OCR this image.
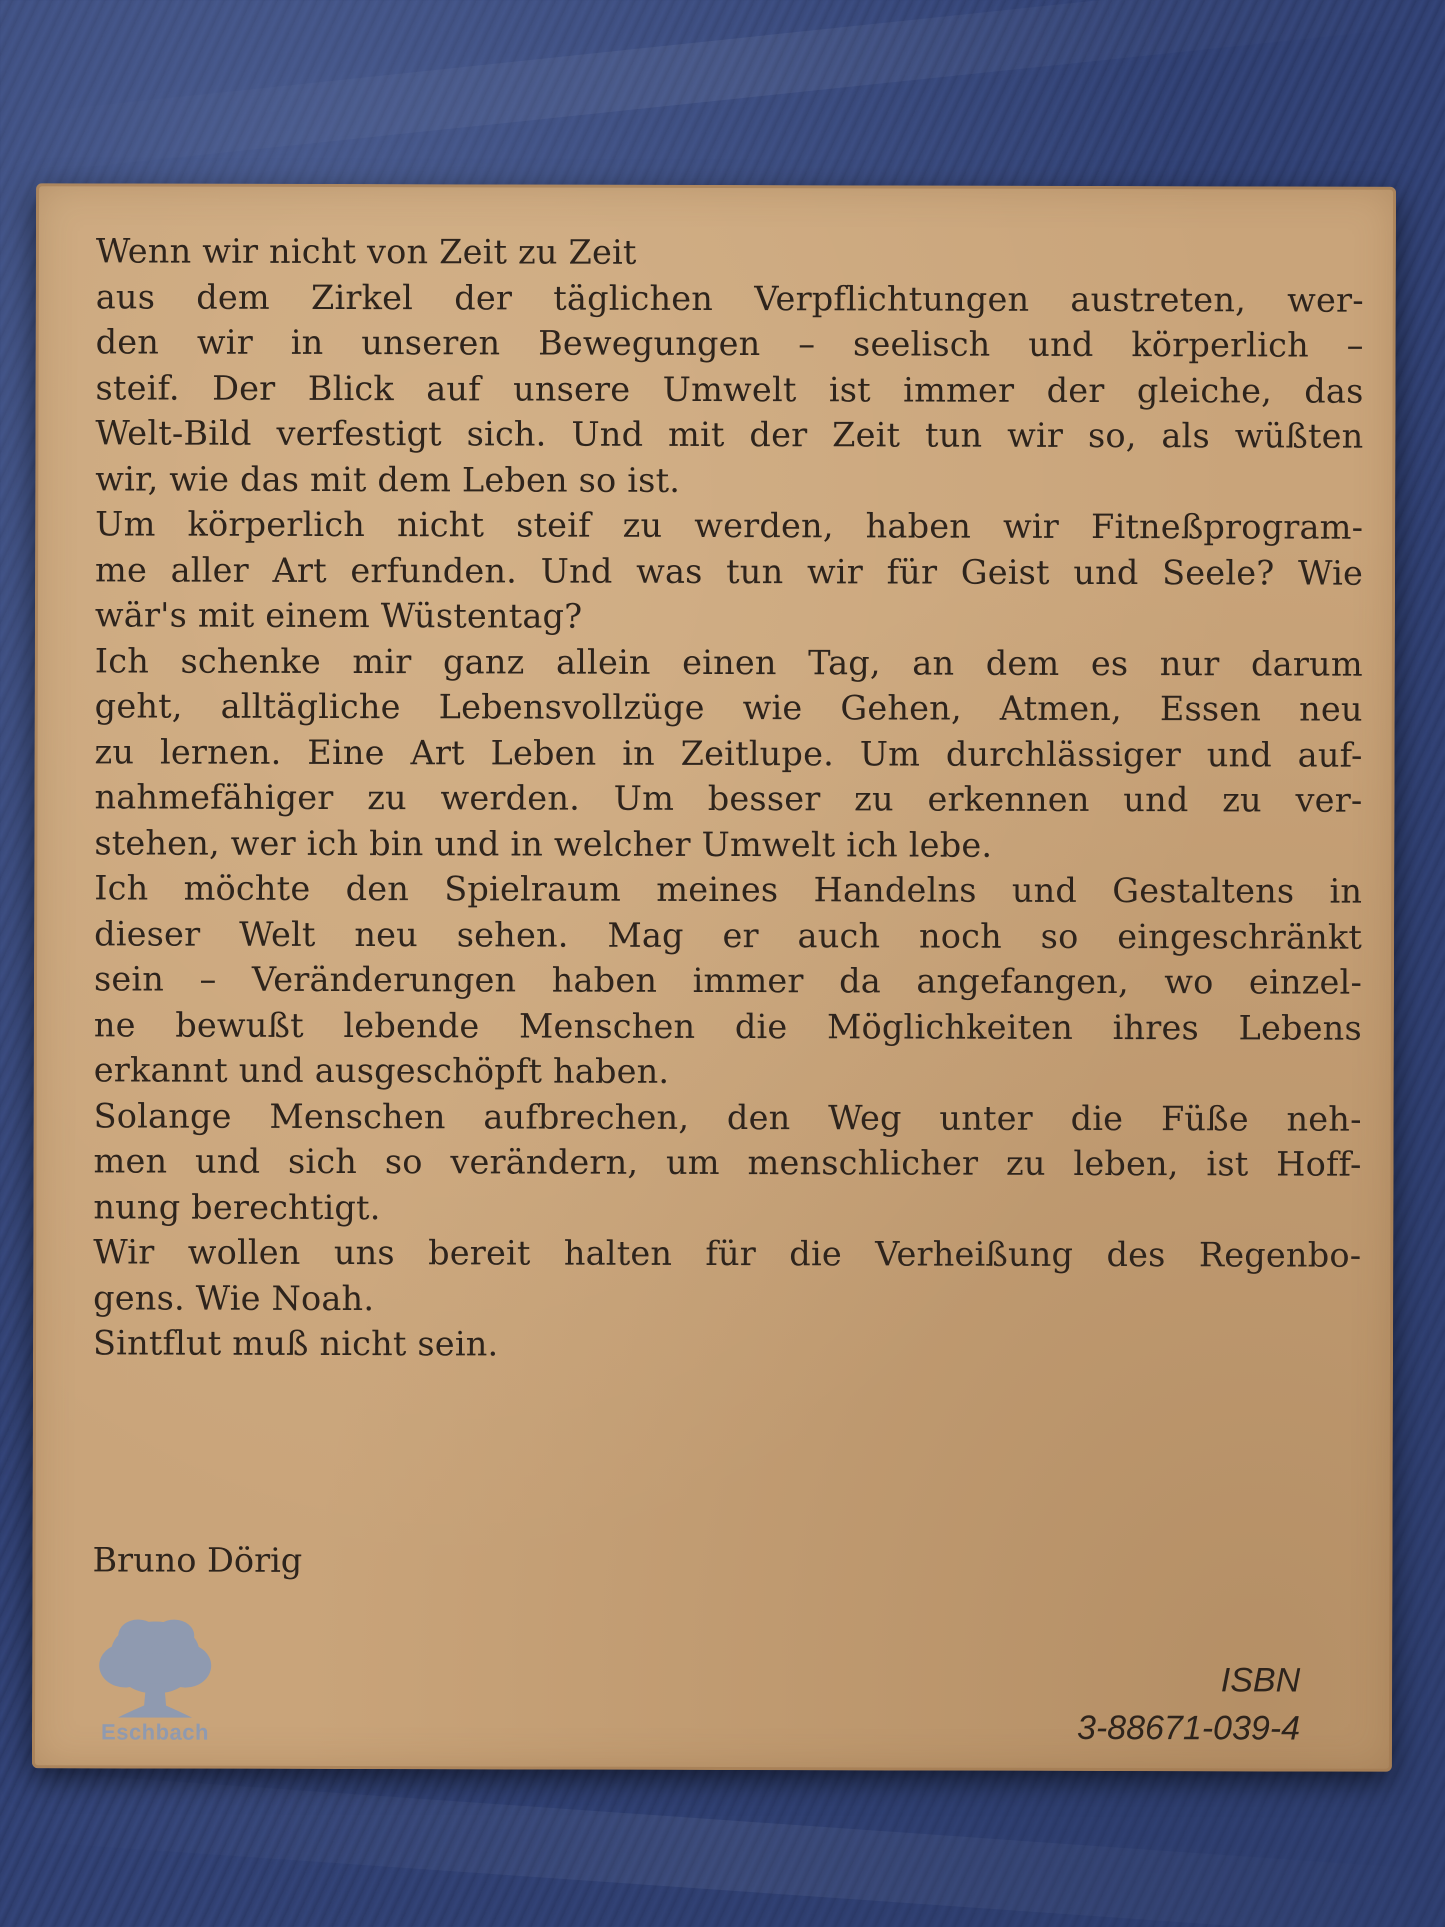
Wenn wir nicht von Zeit zu Zeit
aus dem Zirkel der täglichen Verpflichtungen austreten, wer-
den wir in unseren Bewegungen – seelisch und körperlich –
steif. Der Blick auf unsere Umwelt ist immer der gleiche, das
Welt-Bild verfestigt sich. Und mit der Zeit tun wir so, als wüßten
wir, wie das mit dem Leben so ist.
Um körperlich nicht steif zu werden, haben wir Fitneßprogram-
me aller Art erfunden. Und was tun wir für Geist und Seele? Wie
wär's mit einem Wüstentag?
Ich schenke mir ganz allein einen Tag, an dem es nur darum
geht, alltägliche Lebensvollzüge wie Gehen, Atmen, Essen neu
zu lernen. Eine Art Leben in Zeitlupe. Um durchlässiger und auf-
nahmefähiger zu werden. Um besser zu erkennen und zu ver-
stehen, wer ich bin und in welcher Umwelt ich lebe.
Ich möchte den Spielraum meines Handelns und Gestaltens in
dieser Welt neu sehen. Mag er auch noch so eingeschränkt
sein – Veränderungen haben immer da angefangen, wo einzel-
ne bewußt lebende Menschen die Möglichkeiten ihres Lebens
erkannt und ausgeschöpft haben.
Solange Menschen aufbrechen, den Weg unter die Füße neh-
men und sich so verändern, um menschlicher zu leben, ist Hoff-
nung berechtigt.
Wir wollen uns bereit halten für die Verheißung des Regenbo-
gens. Wie Noah.
Sintflut muß nicht sein.
Bruno Dörig
Eschbach
ISBN
3-88671-039-4
